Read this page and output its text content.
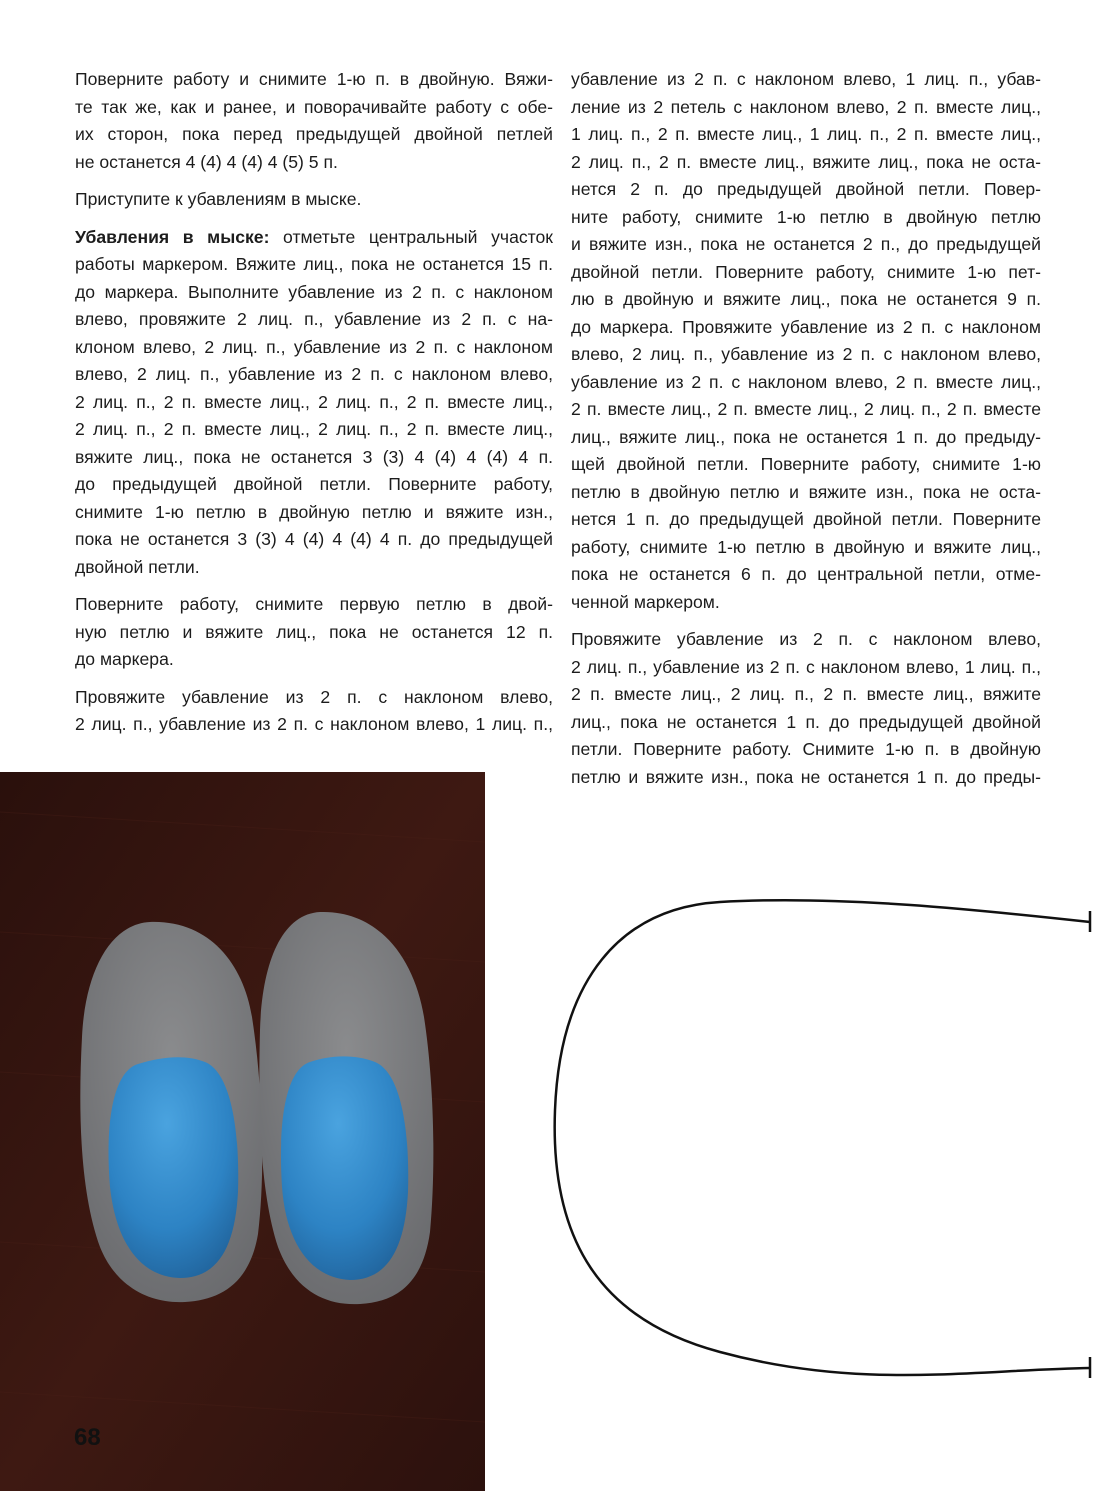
Поверните работу и снимите 1-ю п. в двойную. Вяжи-
те так же, как и ранее, и поворачивайте работу с обе-
их сторон, пока перед предыдущей двойной петлей
не останется 4 (4) 4 (4) 4 (5) 5 п.
Приступите к убавлениям в мыске.
Убавления в мыске: отметьте центральный участок
работы маркером. Вяжите лиц., пока не останется 15 п.
до маркера. Выполните убавление из 2 п. с наклоном
влево, провяжите 2 лиц. п., убавление из 2 п. с на-
клоном влево, 2 лиц. п., убавление из 2 п. с наклоном
влево, 2 лиц. п., убавление из 2 п. с наклоном влево,
2 лиц. п., 2 п. вместе лиц., 2 лиц. п., 2 п. вместе лиц.,
2 лиц. п., 2 п. вместе лиц., 2 лиц. п., 2 п. вместе лиц.,
вяжите лиц., пока не останется 3 (3) 4 (4) 4 (4) 4 п.
до предыдущей двойной петли. Поверните работу,
снимите 1-ю петлю в двойную петлю и вяжите изн.,
пока не останется 3 (3) 4 (4) 4 (4) 4 п. до предыдущей
двойной петли.
Поверните работу, снимите первую петлю в двой-
ную петлю и вяжите лиц., пока не останется 12 п.
до маркера.
Провяжите убавление из 2 п. с наклоном влево,
2 лиц. п., убавление из 2 п. с наклоном влево, 1 лиц. п.,
убавление из 2 п. с наклоном влево, 1 лиц. п., убав-
ление из 2 петель с наклоном влево, 2 п. вместе лиц.,
1 лиц. п., 2 п. вместе лиц., 1 лиц. п., 2 п. вместе лиц.,
2 лиц. п., 2 п. вместе лиц., вяжите лиц., пока не оста-
нется 2 п. до предыдущей двойной петли. Повер-
ните работу, снимите 1-ю петлю в двойную петлю
и вяжите изн., пока не останется 2 п., до предыдущей
двойной петли. Поверните работу, снимите 1-ю пет-
лю в двойную и вяжите лиц., пока не останется 9 п.
до маркера. Провяжите убавление из 2 п. с наклоном
влево, 2 лиц. п., убавление из 2 п. с наклоном влево,
убавление из 2 п. с наклоном влево, 2 п. вместе лиц.,
2 п. вместе лиц., 2 п. вместе лиц., 2 лиц. п., 2 п. вместе
лиц., вяжите лиц., пока не останется 1 п. до предыду-
щей двойной петли. Поверните работу, снимите 1-ю
петлю в двойную петлю и вяжите изн., пока не оста-
нется 1 п. до предыдущей двойной петли. Поверните
работу, снимите 1-ю петлю в двойную и вяжите лиц.,
пока не останется 6 п. до центральной петли, отме-
ченной маркером.
Провяжите убавление из 2 п. с наклоном влево,
2 лиц. п., убавление из 2 п. с наклоном влево, 1 лиц. п.,
2 п. вместе лиц., 2 лиц. п., 2 п. вместе лиц., вяжите
лиц., пока не останется 1 п. до предыдущей двойной
петли. Поверните работу. Снимите 1-ю п. в двойную
петлю и вяжите изн., пока не останется 1 п. до преды-
68
